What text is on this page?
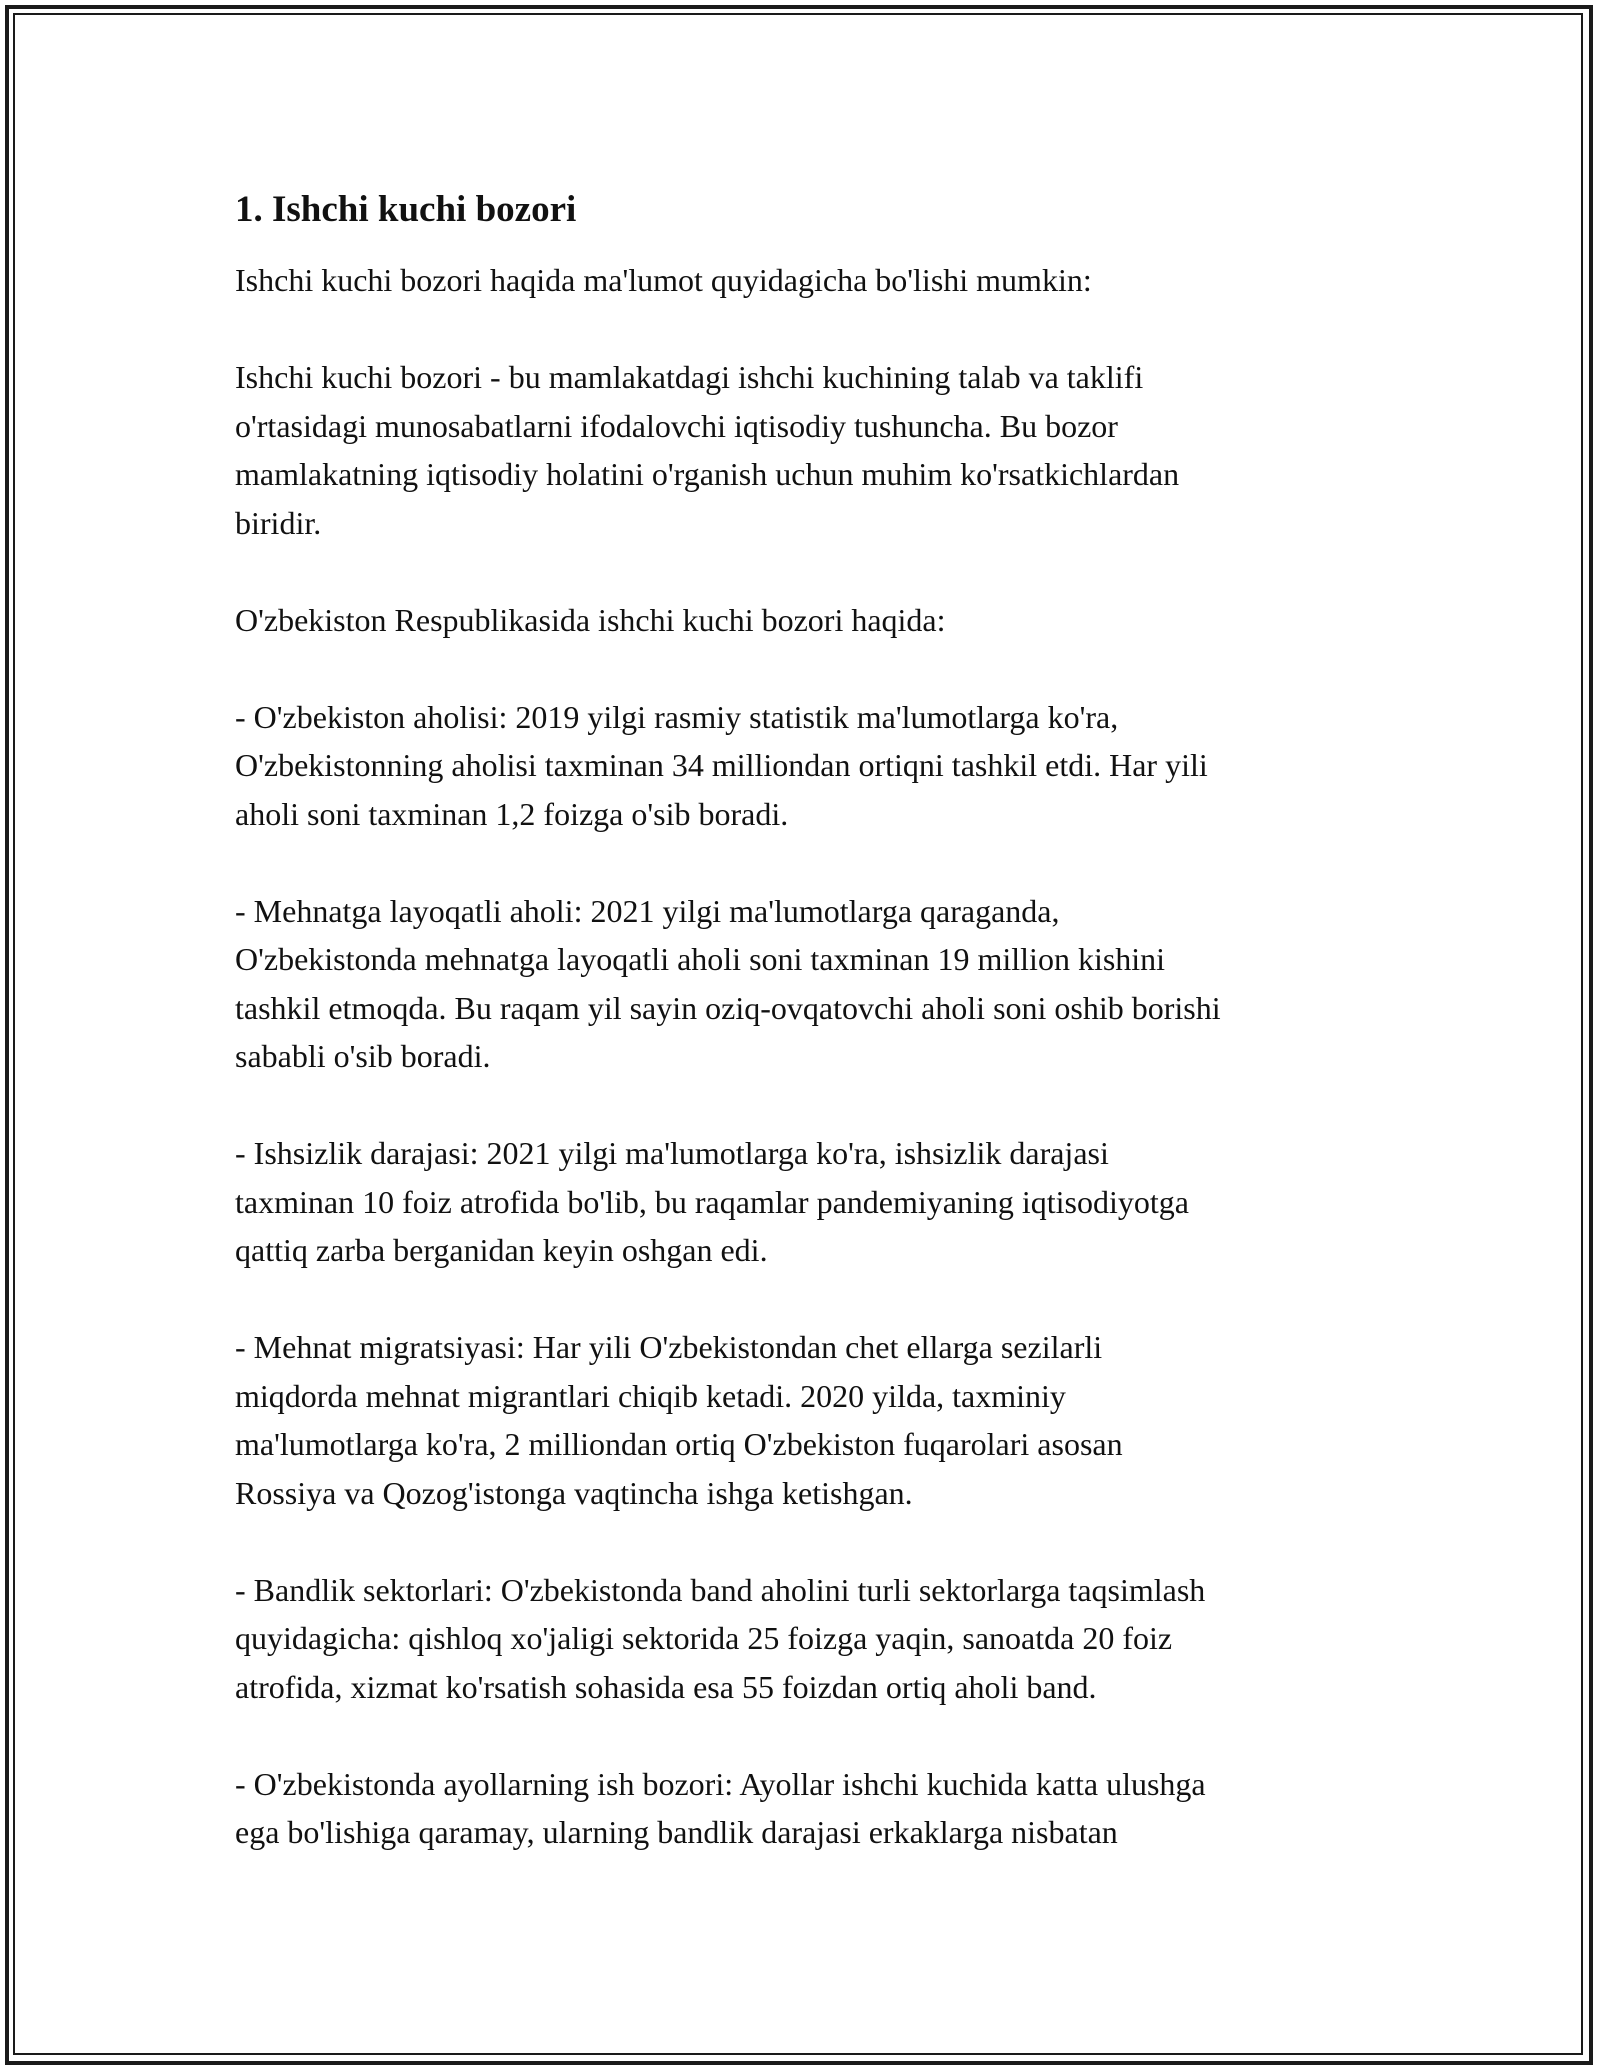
1. Ishchi kuchi bozori

Ishchi kuchi bozori haqida ma'lumot quyidagicha bo'lishi mumkin:

Ishchi kuchi bozori - bu mamlakatdagi ishchi kuchining talab va taklifi
o'rtasidagi munosabatlarni ifodalovchi iqtisodiy tushuncha. Bu bozor
mamlakatning iqtisodiy holatini o'rganish uchun muhim ko'rsatkichlardan
biridir.

O'zbekiston Respublikasida ishchi kuchi bozori haqida:

- O'zbekiston aholisi: 2019 yilgi rasmiy statistik ma'lumotlarga ko'ra,
O'zbekistonning aholisi taxminan 34 milliondan ortiqni tashkil etdi. Har yili
aholi soni taxminan 1,2 foizga o'sib boradi.

- Mehnatga layoqatli aholi: 2021 yilgi ma'lumotlarga qaraganda,
O'zbekistonda mehnatga layoqatli aholi soni taxminan 19 million kishini
tashkil etmoqda. Bu raqam yil sayin oziq-ovqatovchi aholi soni oshib borishi
sababli o'sib boradi.

- Ishsizlik darajasi: 2021 yilgi ma'lumotlarga ko'ra, ishsizlik darajasi
taxminan 10 foiz atrofida bo'lib, bu raqamlar pandemiyaning iqtisodiyotga
qattiq zarba berganidan keyin oshgan edi.

- Mehnat migratsiyasi: Har yili O'zbekistondan chet ellarga sezilarli
miqdorda mehnat migrantlari chiqib ketadi. 2020 yilda, taxminiy
ma'lumotlarga ko'ra, 2 milliondan ortiq O'zbekiston fuqarolari asosan
Rossiya va Qozog'istonga vaqtincha ishga ketishgan.

- Bandlik sektorlari: O'zbekistonda band aholini turli sektorlarga taqsimlash
quyidagicha: qishloq xo'jaligi sektorida 25 foizga yaqin, sanoatda 20 foiz
atrofida, xizmat ko'rsatish sohasida esa 55 foizdan ortiq aholi band.

- O'zbekistonda ayollarning ish bozori: Ayollar ishchi kuchida katta ulushga
ega bo'lishiga qaramay, ularning bandlik darajasi erkaklarga nisbatan
